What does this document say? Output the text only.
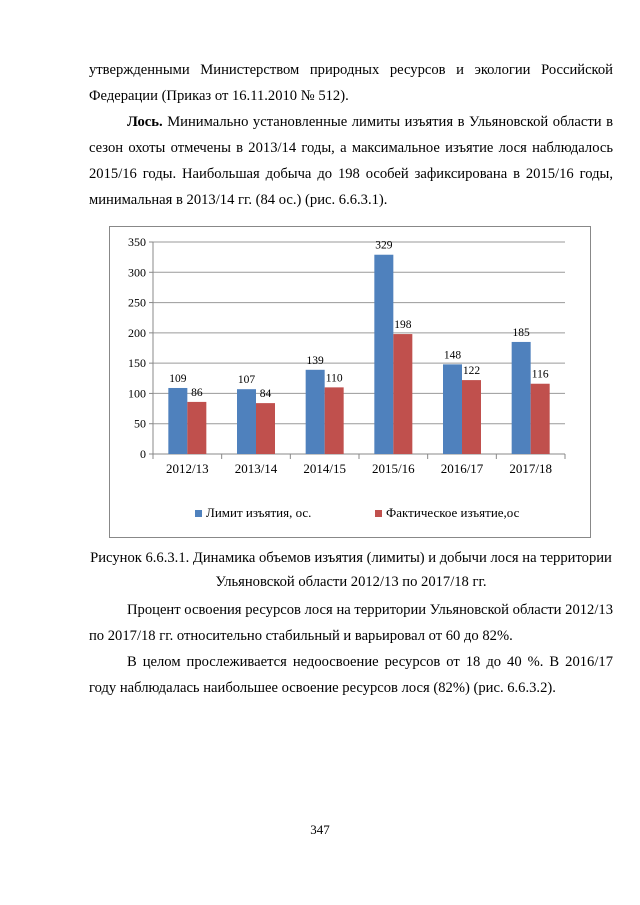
утвержденными Министерством природных ресурсов и экологии Российской Федерации (Приказ от 16.11.2010 № 512).

Лось. Минимально установленные лимиты изъятия в Ульяновской области в сезон охоты отмечены в 2013/14 годы, а максимальное изъятие лося наблюдалось 2015/16 годы. Наибольшая добыча до 198 особей зафиксирована в 2015/16 годы, минимальная в 2013/14 гг. (84 ос.) (рис. 6.6.3.1).

0
50
100
150
200
250
300
350
109
86
107
84
139
110
329
198
148
122
185
116
2012/13 2013/14 2014/15 2015/16 2016/17 2017/18
Лимит изъятия, ос.	Фактическое изъятие,ос

Рисунок 6.6.3.1. Динамика объемов изъятия (лимиты) и добычи лося на территории Ульяновской области 2012/13 по 2017/18 гг.

Процент освоения ресурсов лося на территории Ульяновской области 2012/13 по 2017/18 гг. относительно стабильный и варьировал от 60 до 82%.

В целом прослеживается недоосвоение ресурсов от 18 до 40 %. В 2016/17 году наблюдалась наибольшее освоение ресурсов лося (82%) (рис. 6.6.3.2).

347
